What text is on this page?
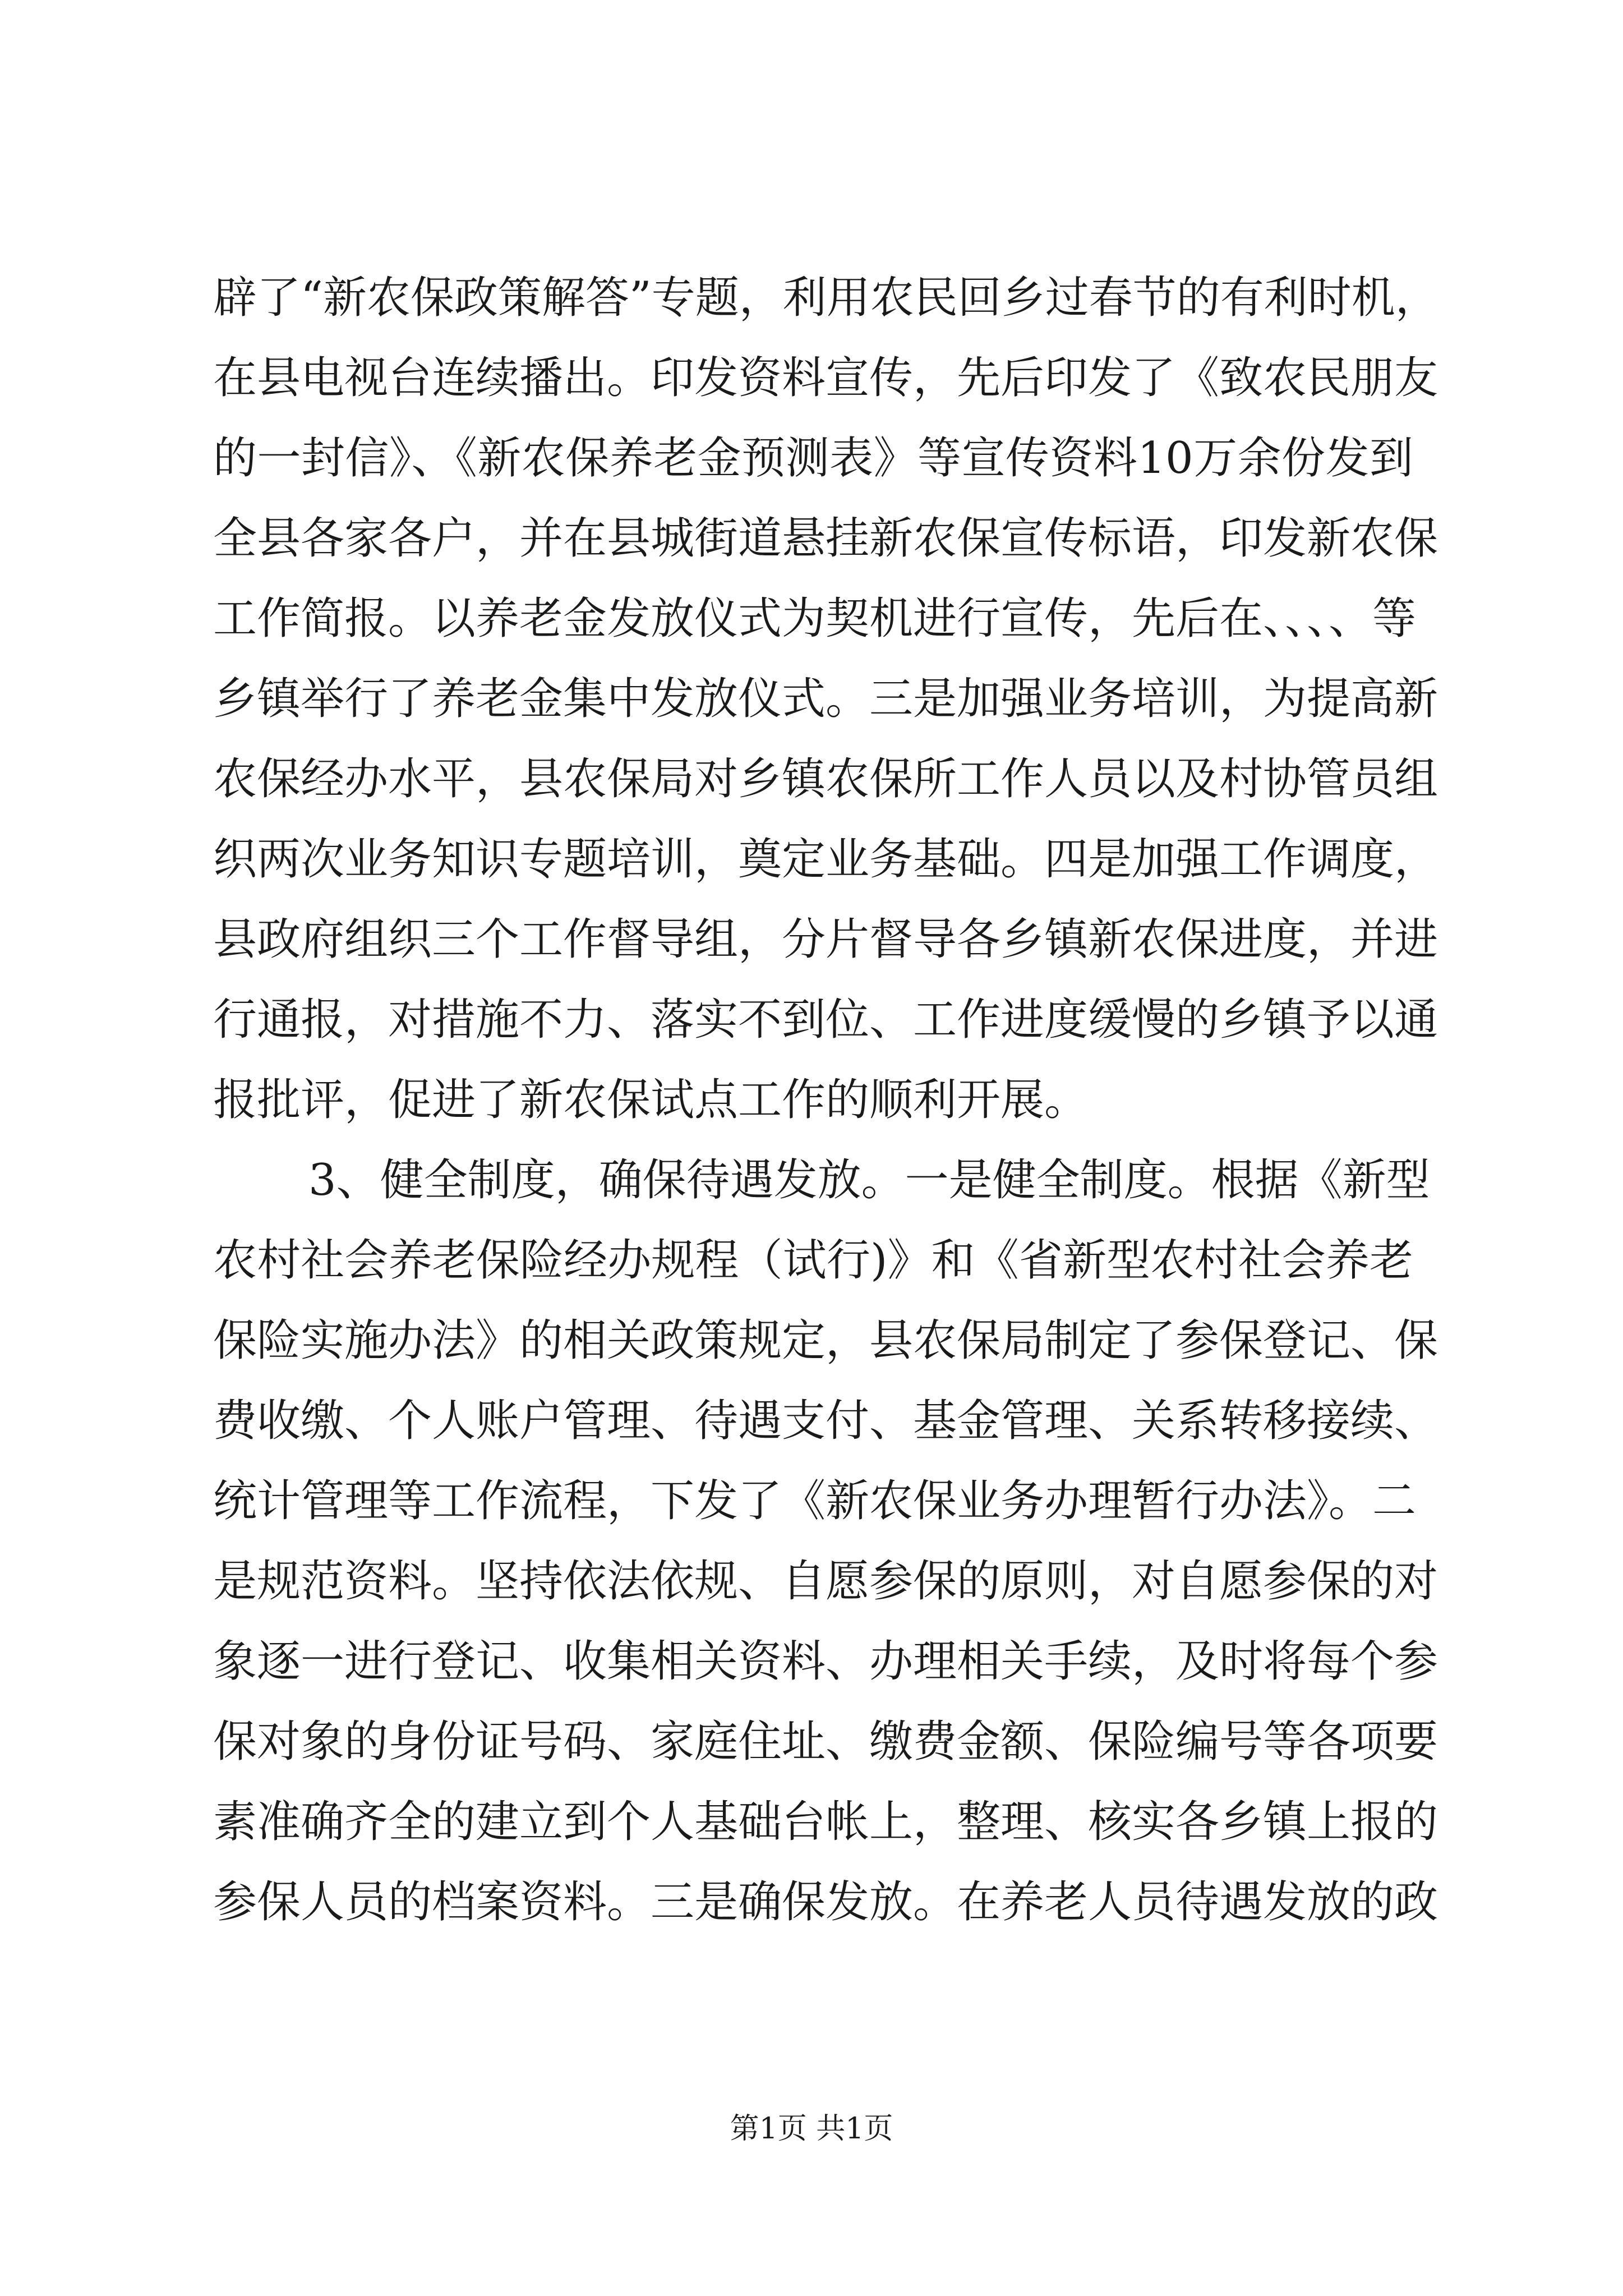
辟了“新农保政策解答”专题，利用农民回乡过春节的有利时机，
在县电视台连续播出。印发资料宣传，先后印发了《致农民朋友
的一封信》、《新农保养老金预测表》等宣传资料10万余份发到
全县各家各户，并在县城街道悬挂新农保宣传标语，印发新农保
工作简报。以养老金发放仪式为契机进行宣传，先后在、、、、等
乡镇举行了养老金集中发放仪式。三是加强业务培训，为提高新
农保经办水平，县农保局对乡镇农保所工作人员以及村协管员组
织两次业务知识专题培训，奠定业务基础。四是加强工作调度，
县政府组织三个工作督导组，分片督导各乡镇新农保进度，并进
行通报，对措施不力、落实不到位、工作进度缓慢的乡镇予以通
报批评，促进了新农保试点工作的顺利开展。
3、健全制度，确保待遇发放。一是健全制度。根据《新型
农村社会养老保险经办规程（试行)》和《省新型农村社会养老
保险实施办法》的相关政策规定，县农保局制定了参保登记、保
费收缴、个人账户管理、待遇支付、基金管理、关系转移接续、
统计管理等工作流程，下发了《新农保业务办理暂行办法》。二
是规范资料。坚持依法依规、自愿参保的原则，对自愿参保的对
象逐一进行登记、收集相关资料、办理相关手续，及时将每个参
保对象的身份证号码、家庭住址、缴费金额、保险编号等各项要
素准确齐全的建立到个人基础台帐上，整理、核实各乡镇上报的
参保人员的档案资料。三是确保发放。在养老人员待遇发放的政
第1页 共1页
